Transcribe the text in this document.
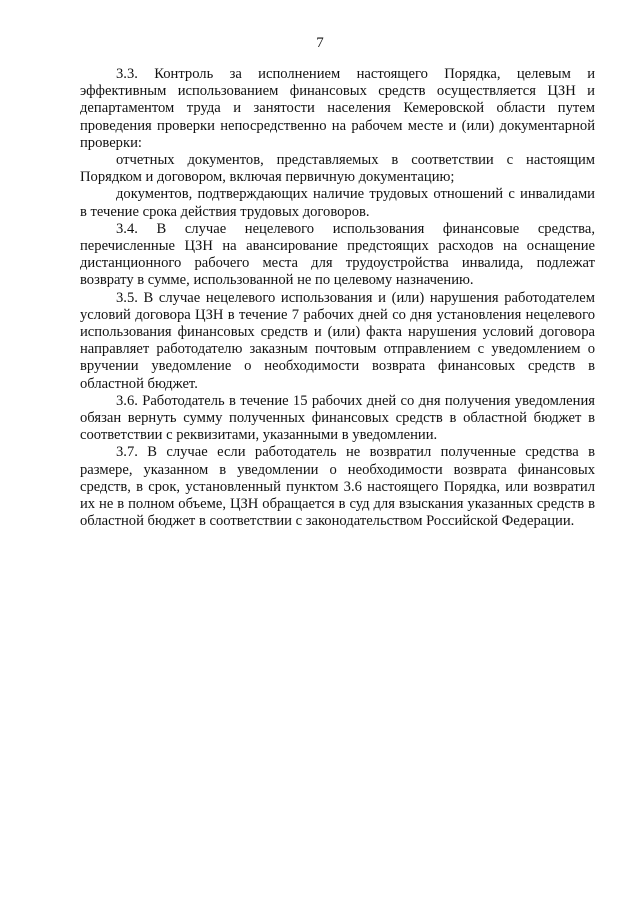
7

3.3. Контроль за исполнением настоящего Порядка, целевым и эффективным использованием финансовых средств осуществляется ЦЗН и департаментом труда и занятости населения Кемеровской области путем проведения проверки непосредственно на рабочем месте и (или) документарной проверки:

отчетных документов, представляемых в соответствии с настоящим Порядком и договором, включая первичную документацию;

документов, подтверждающих наличие трудовых отношений с инвалидами в течение срока действия трудовых договоров.

3.4. В случае нецелевого использования финансовые средства, перечисленные ЦЗН на авансирование предстоящих расходов на оснащение дистанционного рабочего места для трудоустройства инвалида, подлежат возврату в сумме, использованной не по целевому назначению.

3.5. В случае нецелевого использования и (или) нарушения работодателем условий договора ЦЗН в течение 7 рабочих дней со дня установления нецелевого использования финансовых средств и (или) факта нарушения условий договора направляет работодателю заказным почтовым отправлением с уведомлением о вручении уведомление о необходимости возврата финансовых средств в областной бюджет.

3.6. Работодатель в течение 15 рабочих дней со дня получения уведомления обязан вернуть сумму полученных финансовых средств в областной бюджет в соответствии с реквизитами, указанными в уведомлении.

3.7. В случае если работодатель не возвратил полученные средства в размере, указанном в уведомлении о необходимости возврата финансовых средств, в срок, установленный пунктом 3.6 настоящего Порядка, или возвратил их не в полном объеме, ЦЗН обращается в суд для взыскания указанных средств в областной бюджет в соответствии с законодательством Российской Федерации.
